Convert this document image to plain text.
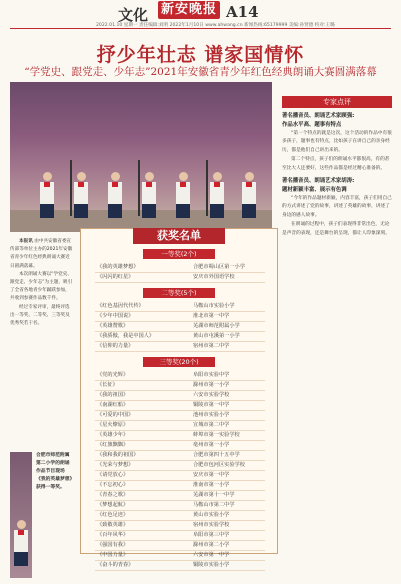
文化 新安晚报 A14
2022.01.10 星期一 责任编辑:刘明 2022年1月10日 www.ahwang.cn 新闻热线:65179999 美编:孙贤德 校对:王璐
抒少年壮志 谱家国情怀
“学党史、跟党走、少年志”2021年安徽省青少年红色经典朗诵大赛圆满落幕
专家点评
著名播音员、朗诵艺术家顾强:
作品水平高、题事有特点

“第一个特点的就是这次，这个活动的作品中有很多孩子，题事也有特点，比如孩子在讲自己的亲身经历，都是他们自己讲出来的。

第二个特点，孩子们的朗诵水平都很高，有的甚至比大人还要好，这些作品都是经过精心准备的。

著名播音员、朗诵艺术家胡涛:
题材新颖丰富、展示有色调

“今年的作品题材新颖，内容丰富，孩子们用自己的方式讲述了党的故事，讲述了英雄的故事，讲述了身边的感人故事。

在朗诵的过程中，孩子们表现得非常出色，无论是声音的表现，还是舞台的呈现，都让人印象深刻。

本报讯 由中共安徽省委宣传部等单位主办的2021年安徽省青少年红色经典朗诵大赛近日圆满落幕。

本次朗诵大赛以“学党史、跟党走、少年志”为主题，吸引了全省各地青少年踊跃参加，共收到参赛作品数千件。

经过专家评审，最终评选出一等奖、二等奖、三等奖及优秀奖若干名。

获奖名单
一等奖(2个)
《我的英雄梦想》	合肥市蜀山区第一小学
《闪闪的红星》	安庆市外国语学校
二等奖(5个)
《红色基因代代传》	马鞍山市实验小学
《少年中国说》	淮北市第一中学
《英雄赞歌》	芜湖市师范附属小学
《我骄傲，我是中国人》	黄山市屯溪第一小学
《信仰的力量》	宿州市第二中学
三等奖(20个)
《党的光辉》	阜阳市实验中学
《长征》	滁州市第一小学
《我的祖国》	六安市实验学校
《南湖红船》	铜陵市第一中学
《可爱的中国》	池州市实验小学
《星火燎原》	宣城市第二中学
《英雄少年》	蚌埠市第一实验学校
《红旗飘飘》	亳州市第一小学
《我和我的祖国》	合肥市第四十五中学
《光荣与梦想》	合肥市包河区实验学校
《请党放心》	安庆市第一中学
《不忘初心》	淮南市第一小学
《青春之歌》	芜湖市第十一中学
《梦想起航》	马鞍山市第二中学
《红色足迹》	黄山市实验小学
《致敬英雄》	宿州市实验学校
《百年风华》	阜阳市第三中学
《强国有我》	滁州市第二小学
《中国力量》	六安市第一中学
《奋斗的青春》	铜陵市实验小学
合肥市师范附属第二小学的朗诵作品节目现场《我的英雄梦想》获得一等奖。
